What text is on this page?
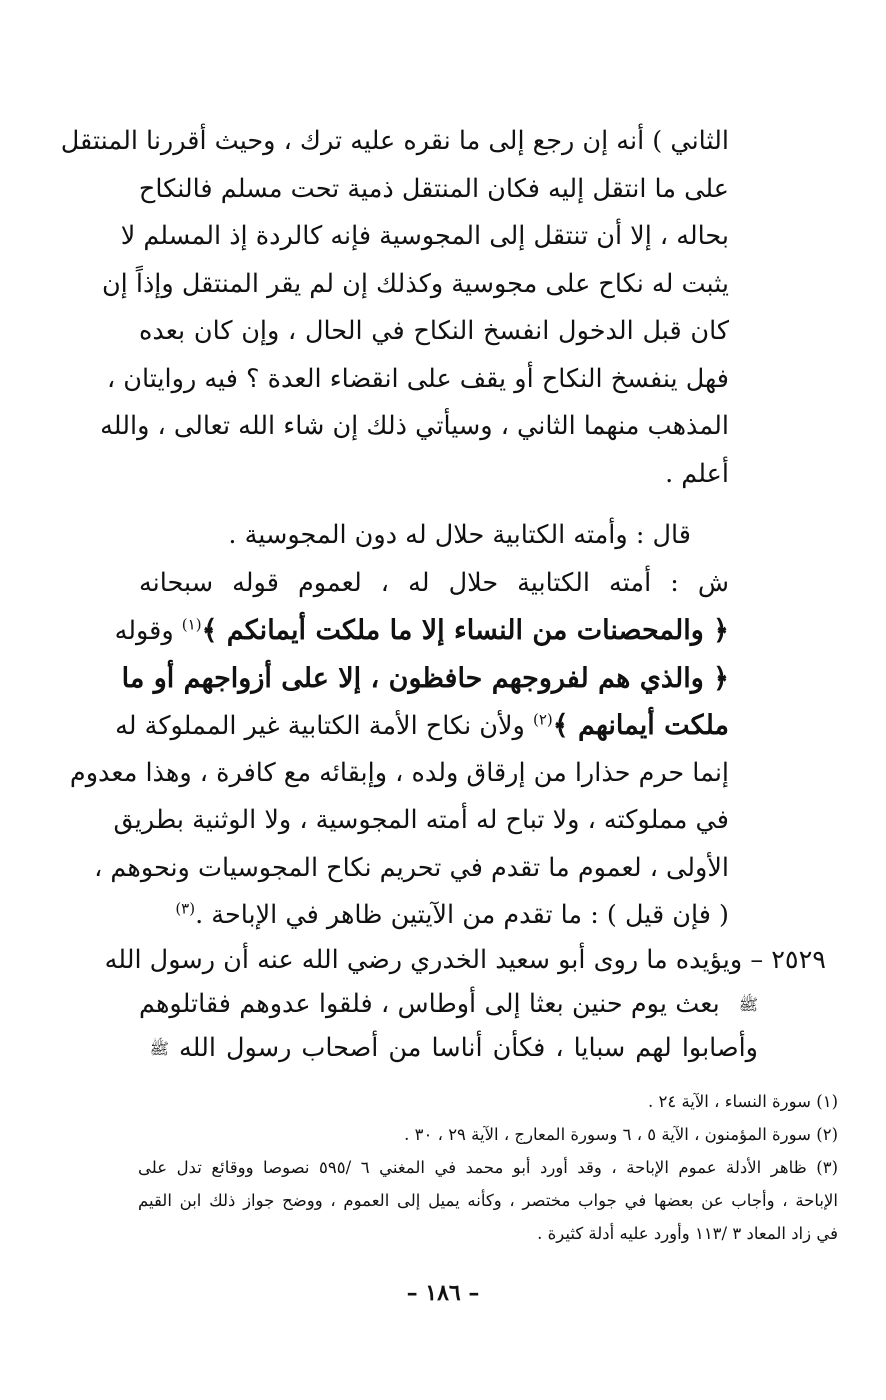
الثاني ) أنه إن رجع إلى ما نقره عليه ترك ، وحيث أقررنا المنتقل
على ما انتقل إليه فكان المنتقل ذمية تحت مسلم فالنكاح
بحاله ، إلا أن تنتقل إلى المجوسية فإنه كالردة إذ المسلم لا
يثبت له نكاح على مجوسية وكذلك إن لم يقر المنتقل وإذاً إن
كان قبل الدخول انفسخ النكاح في الحال ، وإن كان بعده
فهل ينفسخ النكاح أو يقف على انقضاء العدة ؟ فيه روايتان ،
المذهب منهما الثاني ، وسيأتي ذلك إن شاء الله تعالى ، والله
أعلم .
قال : وأمته الكتابية حلال له دون المجوسية .
ش : أمته الكتابية حلال له ، لعموم قوله سبحانه
﴿ والمحصنات من النساء إلا ما ملكت أيمانكم ﴾$^{(١)}$ وقوله
﴿ والذي هم لفروجهم حافظون ، إلا على أزواجهم أو ما
ملكت أيمانهم ﴾$^{(٢)}$ ولأن نكاح الأمة الكتابية غير المملوكة له
إنما حرم حذارا من إرقاق ولده ، وإبقائه مع كافرة ، وهذا معدوم
في مملوكته ، ولا تباح له أمته المجوسية ، ولا الوثنية بطريق
الأولى ، لعموم ما تقدم في تحريم نكاح المجوسيات ونحوهم ،
( فإن قيل ) : ما تقدم من الآيتين ظاهر في الإباحة .$^{(٣)}$
٢٥٢٩ – ويؤيده ما روى أبو سعيد الخدري رضي الله عنه أن رسول الله
ﷺ بعث يوم حنين بعثا إلى أوطاس ، فلقوا عدوهم فقاتلوهم
وأصابوا لهم سبايا ، فكأن أناسا من أصحاب رسول الله ﷺ
(١) سورة النساء ، الآية ٢٤ .
(٢) سورة المؤمنون ، الآية ٥ ، ٦ وسورة المعارج ، الآية ٢٩ ، ٣٠ .
(٣) ظاهر الأدلة عموم الإباحة ، وقد أورد أبو محمد في المغني ٦ /٥٩٥ نصوصا ووقائع تدل على
الإباحة ، وأجاب عن بعضها في جواب مختصر ، وكأنه يميل إلى العموم ، ووضح جواز ذلك ابن القيم
في زاد المعاد ٣ /١١٣ وأورد عليه أدلة كثيرة .
– ١٨٦ –
